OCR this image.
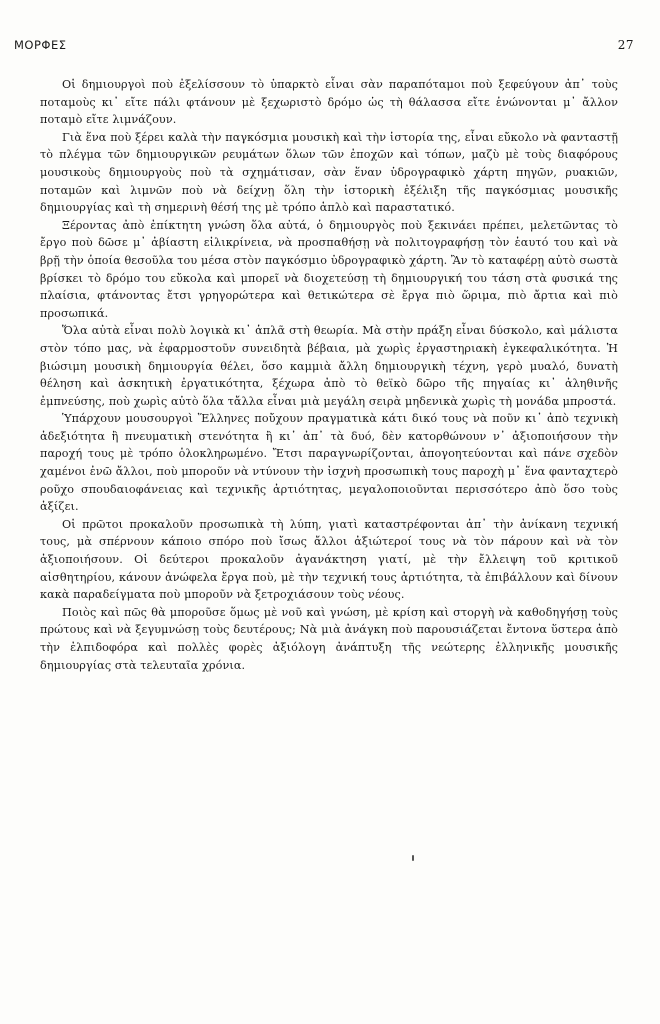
ΜΟΡΦΕΣ	27

Οἱ δημιουργοὶ ποὺ ἐξελίσσουν τὸ ὑπαρκτὸ εἶναι σὰν παραπόταμοι ποὺ ξεφεύγουν ἀπ᾿ τοὺς ποταμοὺς κι᾿ εἴτε πάλι φτάνουν μὲ ξεχωριστὸ δρόμο ὡς τὴ θάλασσα εἴτε ἑνώνονται μ᾿ ἄλλον ποταμὸ εἴτε λιμνάζουν.

Γιὰ ἕνα ποὺ ξέρει καλὰ τὴν παγκόσμια μουσικὴ καὶ τὴν ἱστορία της, εἶναι εὔκολο νὰ φανταστῇ τὸ πλέγμα τῶν δημιουργικῶν ρευμάτων ὅλων τῶν ἐποχῶν καὶ τόπων, μαζὺ μὲ τοὺς διαφόρους μουσικοὺς δημιουργοὺς ποὺ τὰ σχημάτισαν, σὰν ἕναν ὑδρογραφικὸ χάρτη πηγῶν, ρυακιῶν, ποταμῶν καὶ λιμνῶν ποὺ νὰ δείχνῃ ὅλη τὴν ἱστορικὴ ἐξέλιξη τῆς παγκόσμιας μουσικῆς δημιουργίας καὶ τὴ σημερινὴ θέσή της μὲ τρόπο ἁπλὸ καὶ παραστατικό.

Ξέροντας ἀπὸ ἐπίκτητη γνώση ὅλα αὐτά, ὁ δημιουργὸς ποὺ ξεκινάει πρέπει, μελετῶντας τὸ ἔργο ποὺ δῶσε μ᾿ ἀβίαστη εἰλικρίνεια, νὰ προσπαθήσῃ νὰ πολιτογραφήσῃ τὸν ἑαυτό του καὶ νὰ βρῇ τὴν ὁποία θεσοῦλα του μέσα στὸν παγκόσμιο ὑδρογραφικὸ χάρτη. Ἂν τὸ καταφέρῃ αὐτὸ σωστὰ βρίσκει τὸ δρόμο του εὔκολα καὶ μπορεῖ νὰ διοχετεύσῃ τὴ δημιουργική του τάση στὰ φυσικά της πλαίσια, φτάνοντας ἔτσι γρηγορώτερα καὶ θετικώτερα σὲ ἔργα πιὸ ὥριμα, πιὸ ἄρτια καὶ πιὸ προσωπικά.

Ὅλα αὐτὰ εἶναι πολὺ λογικὰ κι᾿ ἁπλᾶ στὴ θεωρία. Μὰ στὴν πράξη εἶναι δύσκολο, καὶ μάλιστα στὸν τόπο μας, νὰ ἐφαρμοστοῦν συνειδητὰ βέβαια, μὰ χωρὶς ἐργαστηριακὴ ἐγκεφαλικότητα. Ἡ βιώσιμη μουσικὴ δημιουργία θέλει, ὅσο καμμιὰ ἄλλη δημιουργικὴ τέχνη, γερὸ μυαλό, δυνατὴ θέληση καὶ ἀσκητικὴ ἐργατικότητα, ξέχωρα ἀπὸ τὸ θεϊκὸ δῶρο τῆς πηγαίας κι᾿ ἀληθινῆς ἐμπνεύσης, ποὺ χωρὶς αὐτὸ ὅλα τἄλλα εἶναι μιὰ μεγάλη σειρὰ μηδενικὰ χωρὶς τὴ μονάδα μπροστά.

Ὑπάρχουν μουσουργοὶ Ἕλληνες ποὔχουν πραγματικὰ κάτι δικό τους νὰ ποῦν κι᾿ ἀπὸ τεχνικὴ ἀδεξιότητα ἢ πνευματικὴ στενότητα ἢ κι᾿ ἀπ᾿ τὰ δυό, δὲν κατορθώνουν ν᾿ ἀξιοποιήσουν τὴν παροχή τους μὲ τρόπο ὁλοκληρωμένο. Ἔτσι παραγνωρίζονται, ἀπογοητεύονται καὶ πάνε σχεδὸν χαμένοι ἐνῶ ἄλλοι, ποὺ μποροῦν νὰ ντύνουν τὴν ἰσχνὴ προσωπικὴ τους παροχὴ μ᾿ ἕνα φανταχτερὸ ροῦχο σπουδαιοφάνειας καὶ τεχνικῆς ἀρτιότητας, μεγαλοποιοῦνται περισσότερο ἀπὸ ὅσο τοὺς ἀξίζει.

Οἱ πρῶτοι προκαλοῦν προσωπικὰ τὴ λύπη, γιατὶ καταστρέφονται ἀπ᾿ τὴν ἀνίκανη τεχνική τους, μὰ σπέρνουν κάποιο σπόρο ποὺ ἴσως ἄλλοι ἀξιώτεροί τους νὰ τὸν πάρουν καὶ νὰ τὸν ἀξιοποιήσουν. Οἱ δεύτεροι προκαλοῦν ἀγανάκτηση γιατί, μὲ τὴν ἔλλειψη τοῦ κριτικοῦ αἰσθητηρίου, κάνουν ἀνώφελα ἔργα ποὺ, μὲ τὴν τεχνική τους ἀρτιότητα, τὰ ἐπιβάλλουν καὶ δίνουν κακὰ παραδείγματα ποὺ μποροῦν νὰ ξετροχιάσουν τοὺς νέους.

Ποιὸς καὶ πῶς θὰ μποροῦσε ὅμως μὲ νοῦ καὶ γνώση, μὲ κρίση καὶ στοργὴ νὰ καθοδηγήσῃ τοὺς πρώτους καὶ νὰ ξεγυμνώσῃ τοὺς δευτέρους; Νὰ μιὰ ἀνάγκη ποὺ παρουσιάζεται ἔντονα ὕστερα ἀπὸ τὴν ἐλπιδοφόρα καὶ πολλὲς φορὲς ἀξιόλογη ἀνάπτυξη τῆς νεώτερης ἑλληνικῆς μουσικῆς δημιουργίας στὰ τελευταῖα χρόνια.
